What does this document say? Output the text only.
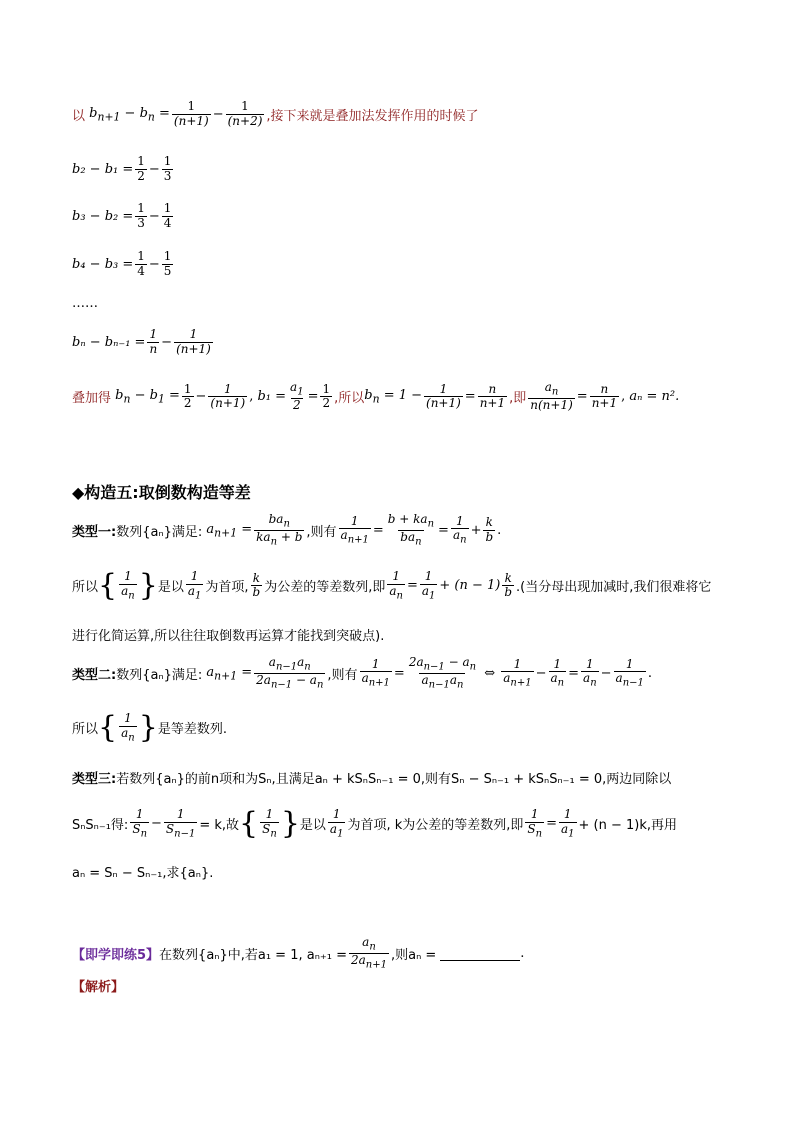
以 $b_{n+1} - b_n = \frac{1}{(n+1)} - \frac{1}{(n+2)}$ ,接下来就是叠加法发挥作用的时候了
$b_2 - b_1 = \frac{1}{2} - \frac{1}{3}$
$b_3 - b_2 = \frac{1}{3} - \frac{1}{4}$
$b_4 - b_3 = \frac{1}{4} - \frac{1}{5}$
……
$b_n - b_{n-1} = \frac{1}{n} - \frac{1}{(n+1)}$
叠加得 $b_n - b_1 = \frac{1}{2} - \frac{1}{(n+1)}$ , $b_1 = \frac{a_1}{2} = \frac{1}{2}$ ,所以 $b_n = 1 - \frac{1}{(n+1)} = \frac{n}{n+1}$ ,即 $\frac{a_n}{n(n+1)} = \frac{n}{n+1}$ , aₙ = n².
◆构造五:取倒数构造等差
类型一: 数列{aₙ}满足: $a_{n+1} = \frac{ba_n}{ka_n + b}$ ,则有 $\frac{1}{a_{n+1}} = \frac{b + ka_n}{ba_n} = \frac{1}{a_n} + \frac{k}{b}$ .
所以 { $\frac{1}{a_n}$ } 是以 $\frac{1}{a_1}$ 为首项, $\frac{k}{b}$ 为公差的等差数列,即 $\frac{1}{a_n} = \frac{1}{a_1} + (n - 1) \frac{k}{b}$ .(当分母出现加减时,我们很难将它
进行化简运算,所以往往取倒数再运算才能找到突破点).
类型二: 数列{aₙ}满足: $a_{n+1} = \frac{a_{n-1}a_n}{2a_{n-1} - a_n}$ ,则有 $\frac{1}{a_{n+1}} = \frac{2a_{n-1} - a_n}{a_{n-1}a_n}$ ⇔ $\frac{1}{a_{n+1}} - \frac{1}{a_n} = \frac{1}{a_n} - \frac{1}{a_{n-1}}$ .
所以 { $\frac{1}{a_n}$ } 是等差数列.
类型三: 若数列{aₙ}的前n项和为Sₙ,且满足aₙ + kSₙSₙ₋₁ = 0,则有Sₙ − Sₙ₋₁ + kSₙSₙ₋₁ = 0,两边同除以
SₙSₙ₋₁得: $\frac{1}{S_n} - \frac{1}{S_{n-1}} = k$,故 { $\frac{1}{S_n}$ } 是以 $\frac{1}{a_1}$ 为首项, k为公差的等差数列,即 $\frac{1}{S_n} = \frac{1}{a_1} + (n - 1)k$,再用
aₙ = Sₙ − Sₙ₋₁,求{aₙ}.
【即学即练5】 在数列{aₙ}中,若a₁ = 1, $a_{n+1} = \frac{a_n}{2a_{n+1}}$ ,则aₙ =	.
【解析】
